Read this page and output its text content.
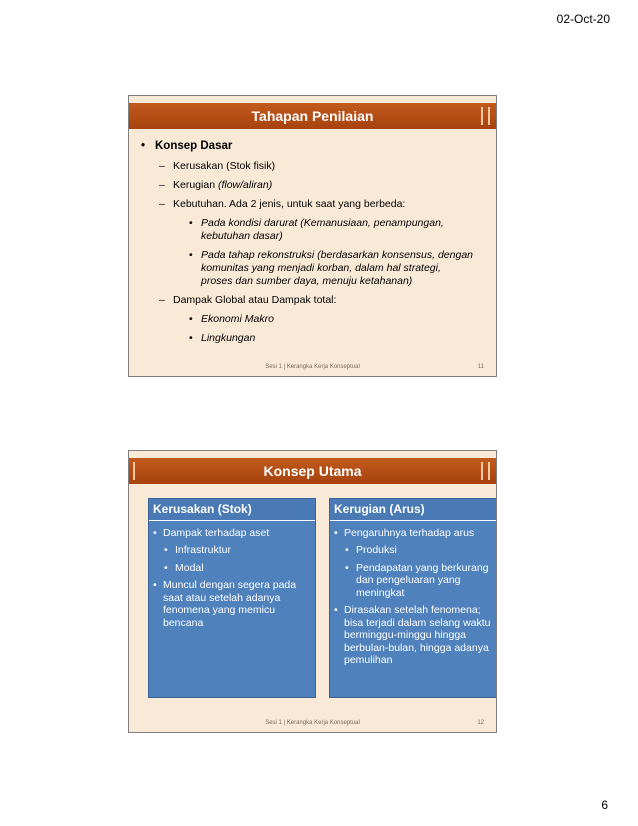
02-Oct-20
Tahapan Penilaian
• Konsep Dasar
– Kerusakan (Stok fisik)
– Kerugian (flow/aliran)
– Kebutuhan. Ada 2 jenis, untuk saat yang berbeda:
• Pada kondisi darurat (Kemanusiaan, penampungan, kebutuhan dasar)
• Pada tahap rekonstruksi (berdasarkan konsensus, dengan komunitas yang menjadi korban, dalam hal strategi, proses dan sumber daya, menuju ketahanan)
– Dampak Global atau Dampak total:
• Ekonomi Makro
• Lingkungan
Sesi 1 | Kerangka Kerja Konseptual	11
Konsep Utama
Kerusakan (Stok)
• Dampak terhadap aset
• Infrastruktur
• Modal
• Muncul dengan segera pada saat atau setelah adanya fenomena yang memicu bencana
Kerugian (Arus)
• Pengaruhnya terhadap arus
• Produksi
• Pendapatan yang berkurang dan pengeluaran yang meningkat
• Dirasakan setelah fenomena; bisa terjadi dalam selang waktu berminggu-minggu hingga berbulan-bulan, hingga adanya pemulihan
Sesi 1 | Kerangka Kerja Konseptual	12
6
